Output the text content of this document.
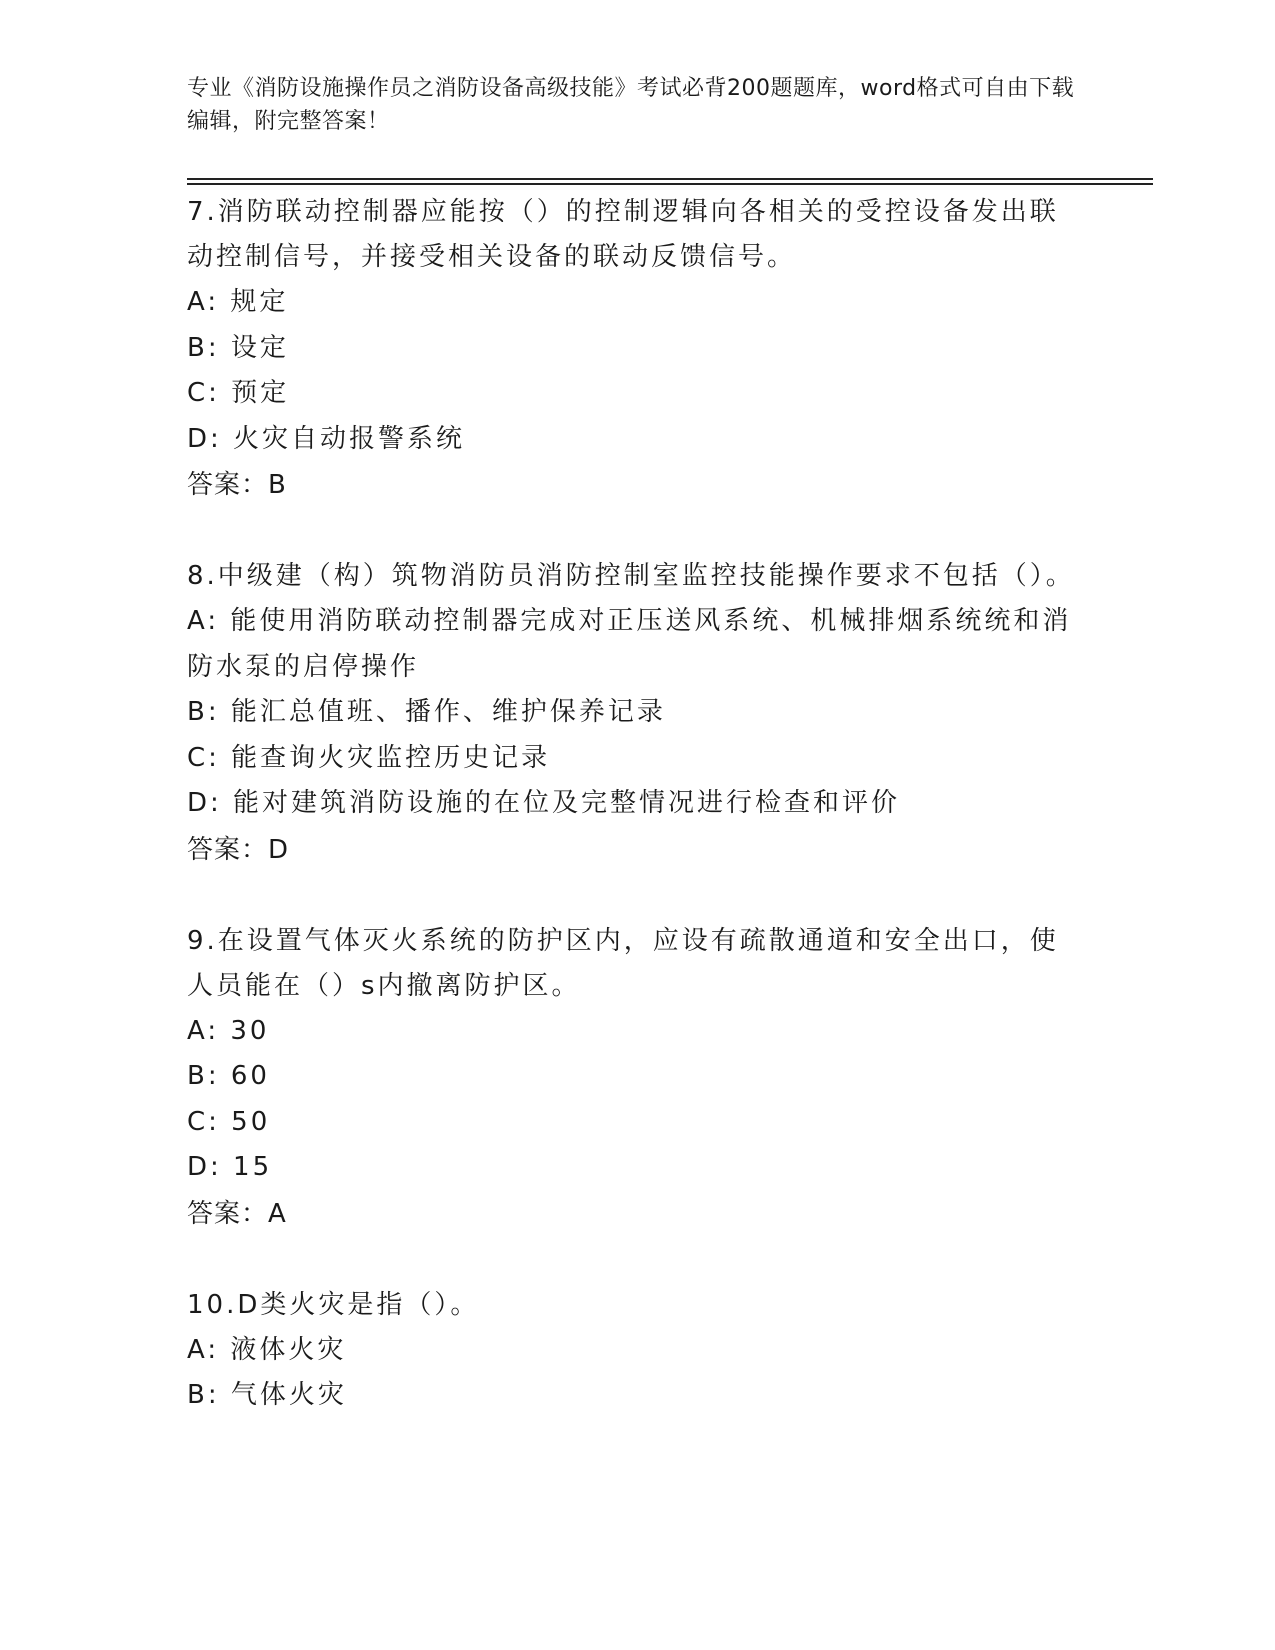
专业《消防设施操作员之消防设备高级技能》考试必背200题题库，word格式可自由下载编辑，附完整答案！

7.消防联动控制器应能按（）的控制逻辑向各相关的受控设备发出联动控制信号，并接受相关设备的联动反馈信号。

A: 规定

B: 设定

C: 预定

D: 火灾自动报警系统

答案：B

8.中级建（构）筑物消防员消防控制室监控技能操作要求不包括（）。

A: 能使用消防联动控制器完成对正压送风系统、机械排烟系统统和消防水泵的启停操作

B: 能汇总值班、播作、维护保养记录

C: 能查询火灾监控历史记录

D: 能对建筑消防设施的在位及完整情况进行检查和评价

答案：D

9.在设置气体灭火系统的防护区内，应设有疏散通道和安全出口，使人员能在（）s内撤离防护区。

A: 30

B: 60

C: 50

D: 15

答案：A

10.D类火灾是指（）。

A: 液体火灾

B: 气体火灾
